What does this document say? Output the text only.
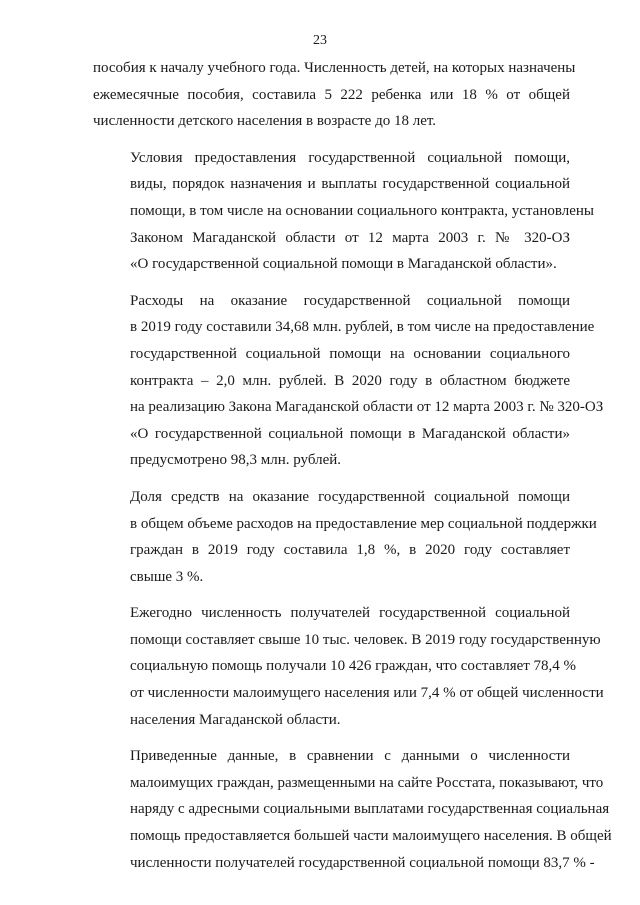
23

пособия к началу учебного года. Численность детей, на которых назначены
ежемесячные пособия, составила 5 222 ребенка или 18 % от общей
численности детского населения в возрасте до 18 лет.

Условия предоставления государственной социальной помощи,
виды, порядок назначения и выплаты государственной социальной
помощи, в том числе на основании социального контракта, установлены
Законом Магаданской области от 12 марта 2003 г. № 320-ОЗ
«О государственной социальной помощи в Магаданской области».

Расходы на оказание государственной социальной помощи
в 2019 году составили 34,68 млн. рублей, в том числе на предоставление
государственной социальной помощи на основании социального
контракта – 2,0 млн. рублей. В 2020 году в областном бюджете
на реализацию Закона Магаданской области от 12 марта 2003 г. № 320-ОЗ
«О государственной социальной помощи в Магаданской области»
предусмотрено 98,3 млн. рублей.

Доля средств на оказание государственной социальной помощи
в общем объеме расходов на предоставление мер социальной поддержки
граждан в 2019 году составила 1,8 %, в 2020 году составляет
свыше 3 %.

Ежегодно численность получателей государственной социальной
помощи составляет свыше 10 тыс. человек. В 2019 году государственную
социальную помощь получали 10 426 граждан, что составляет 78,4 %
от численности малоимущего населения или 7,4 % от общей численности
населения Магаданской области.

Приведенные данные, в сравнении с данными о численности
малоимущих граждан, размещенными на сайте Росстата, показывают, что
наряду с адресными социальными выплатами государственная социальная
помощь предоставляется большей части малоимущего населения. В общей
численности получателей государственной социальной помощи 83,7 % -
